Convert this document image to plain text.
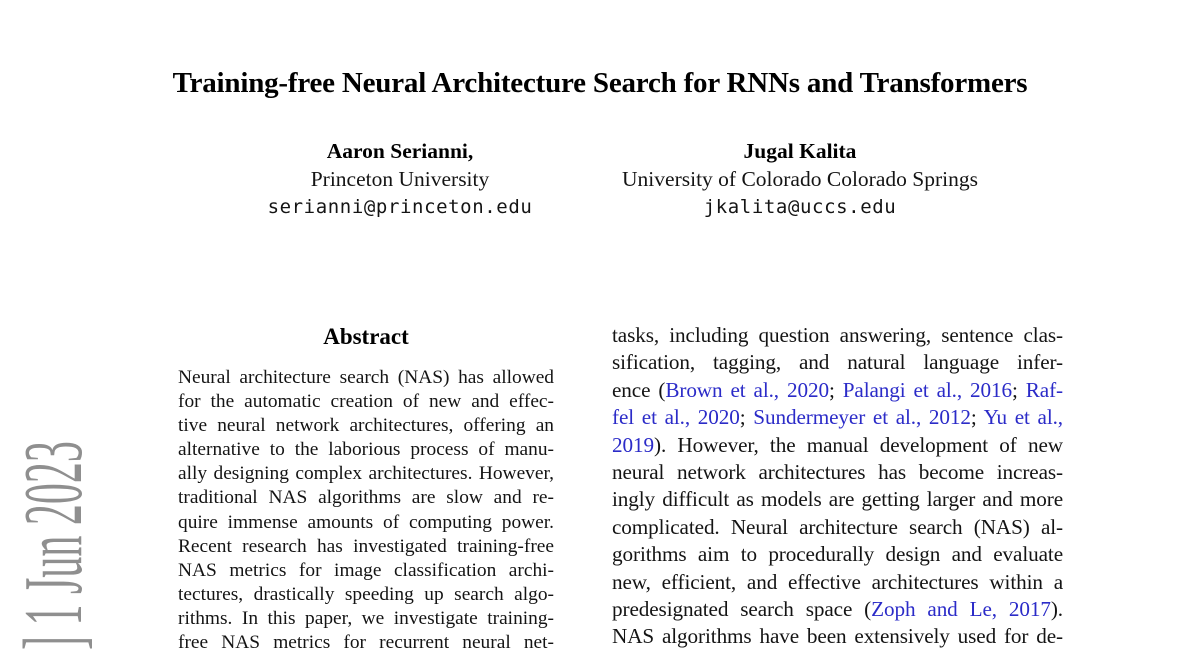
] 1 Jun 2023
Training-free Neural Architecture Search for RNNs and Transformers
Aaron Serianni,
Princeton University
serianni@princeton.edu
Jugal Kalita
University of Colorado Colorado Springs
jkalita@uccs.edu
Abstract
Neural architecture search (NAS) has allowed
for the automatic creation of new and effec-
tive neural network architectures, offering an
alternative to the laborious process of manu-
ally designing complex architectures. However,
traditional NAS algorithms are slow and re-
quire immense amounts of computing power.
Recent research has investigated training-free
NAS metrics for image classification archi-
tectures, drastically speeding up search algo-
rithms. In this paper, we investigate training-
free NAS metrics for recurrent neural net-
tasks, including question answering, sentence clas-
sification, tagging, and natural language infer-
ence (Brown et al., 2020; Palangi et al., 2016; Raf-
fel et al., 2020; Sundermeyer et al., 2012; Yu et al.,
2019). However, the manual development of new
neural network architectures has become increas-
ingly difficult as models are getting larger and more
complicated. Neural architecture search (NAS) al-
gorithms aim to procedurally design and evaluate
new, efficient, and effective architectures within a
predesignated search space (Zoph and Le, 2017).
NAS algorithms have been extensively used for de-
